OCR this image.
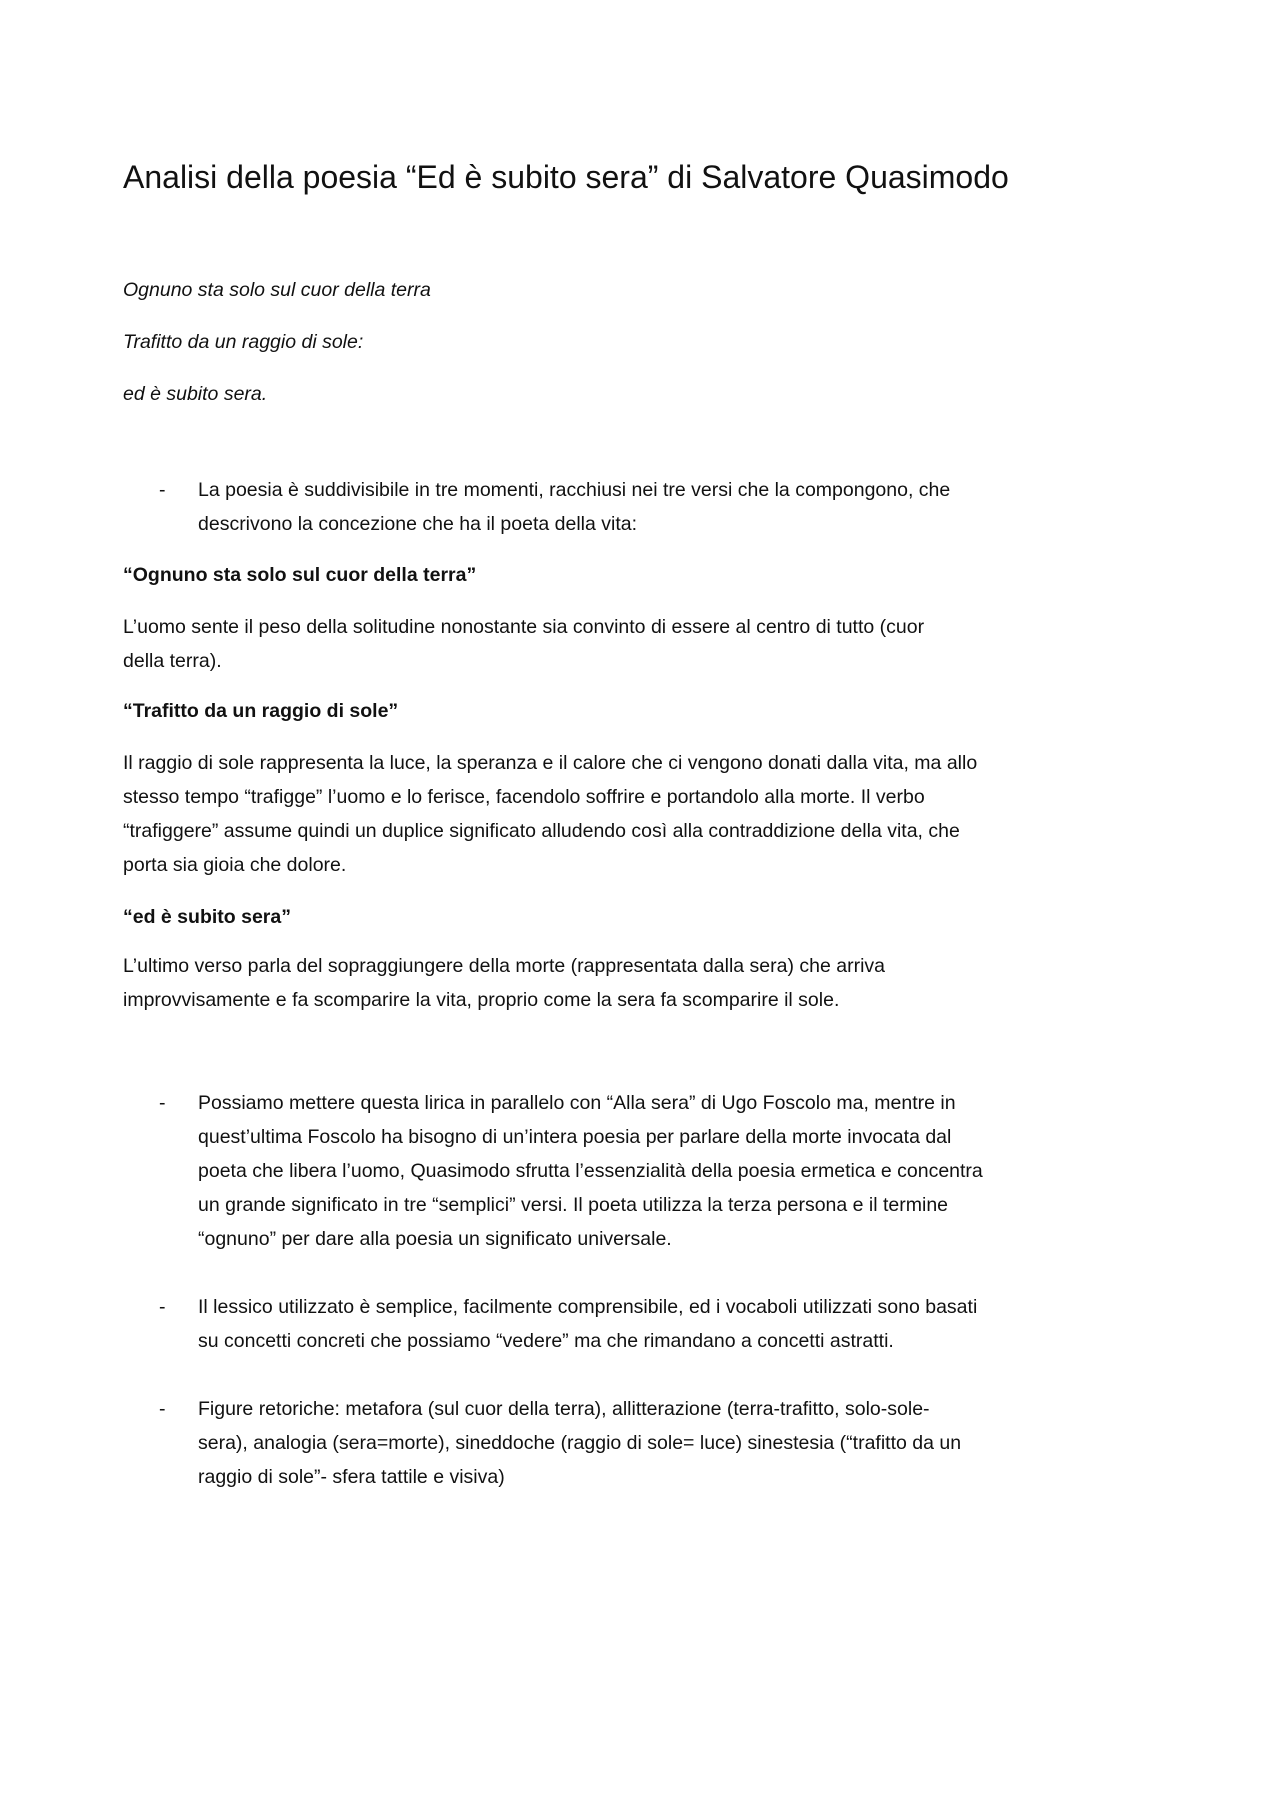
Analisi della poesia “Ed è subito sera” di Salvatore Quasimodo
Ognuno sta solo sul cuor della terra
Trafitto da un raggio di sole:
ed è subito sera.
- La poesia è suddivisibile in tre momenti, racchiusi nei tre versi che la compongono, che
descrivono la concezione che ha il poeta della vita:
“Ognuno sta solo sul cuor della terra”
L’uomo sente il peso della solitudine nonostante sia convinto di essere al centro di tutto (cuor
della terra).
“Trafitto da un raggio di sole”
Il raggio di sole rappresenta la luce, la speranza e il calore che ci vengono donati dalla vita, ma allo
stesso tempo “trafigge” l’uomo e lo ferisce, facendolo soffrire e portandolo alla morte. Il verbo
“trafiggere” assume quindi un duplice significato alludendo così alla contraddizione della vita, che
porta sia gioia che dolore.
“ed è subito sera”
L’ultimo verso parla del sopraggiungere della morte (rappresentata dalla sera) che arriva
improvvisamente e fa scomparire la vita, proprio come la sera fa scomparire il sole.
- Possiamo mettere questa lirica in parallelo con “Alla sera” di Ugo Foscolo ma, mentre in
quest’ultima Foscolo ha bisogno di un’intera poesia per parlare della morte invocata dal
poeta che libera l’uomo, Quasimodo sfrutta l’essenzialità della poesia ermetica e concentra
un grande significato in tre “semplici” versi. Il poeta utilizza la terza persona e il termine
“ognuno” per dare alla poesia un significato universale.
- Il lessico utilizzato è semplice, facilmente comprensibile, ed i vocaboli utilizzati sono basati
su concetti concreti che possiamo “vedere” ma che rimandano a concetti astratti.
- Figure retoriche: metafora (sul cuor della terra), allitterazione (terra-trafitto, solo-sole-
sera), analogia (sera=morte), sineddoche (raggio di sole= luce) sinestesia (“trafitto da un
raggio di sole”- sfera tattile e visiva)
